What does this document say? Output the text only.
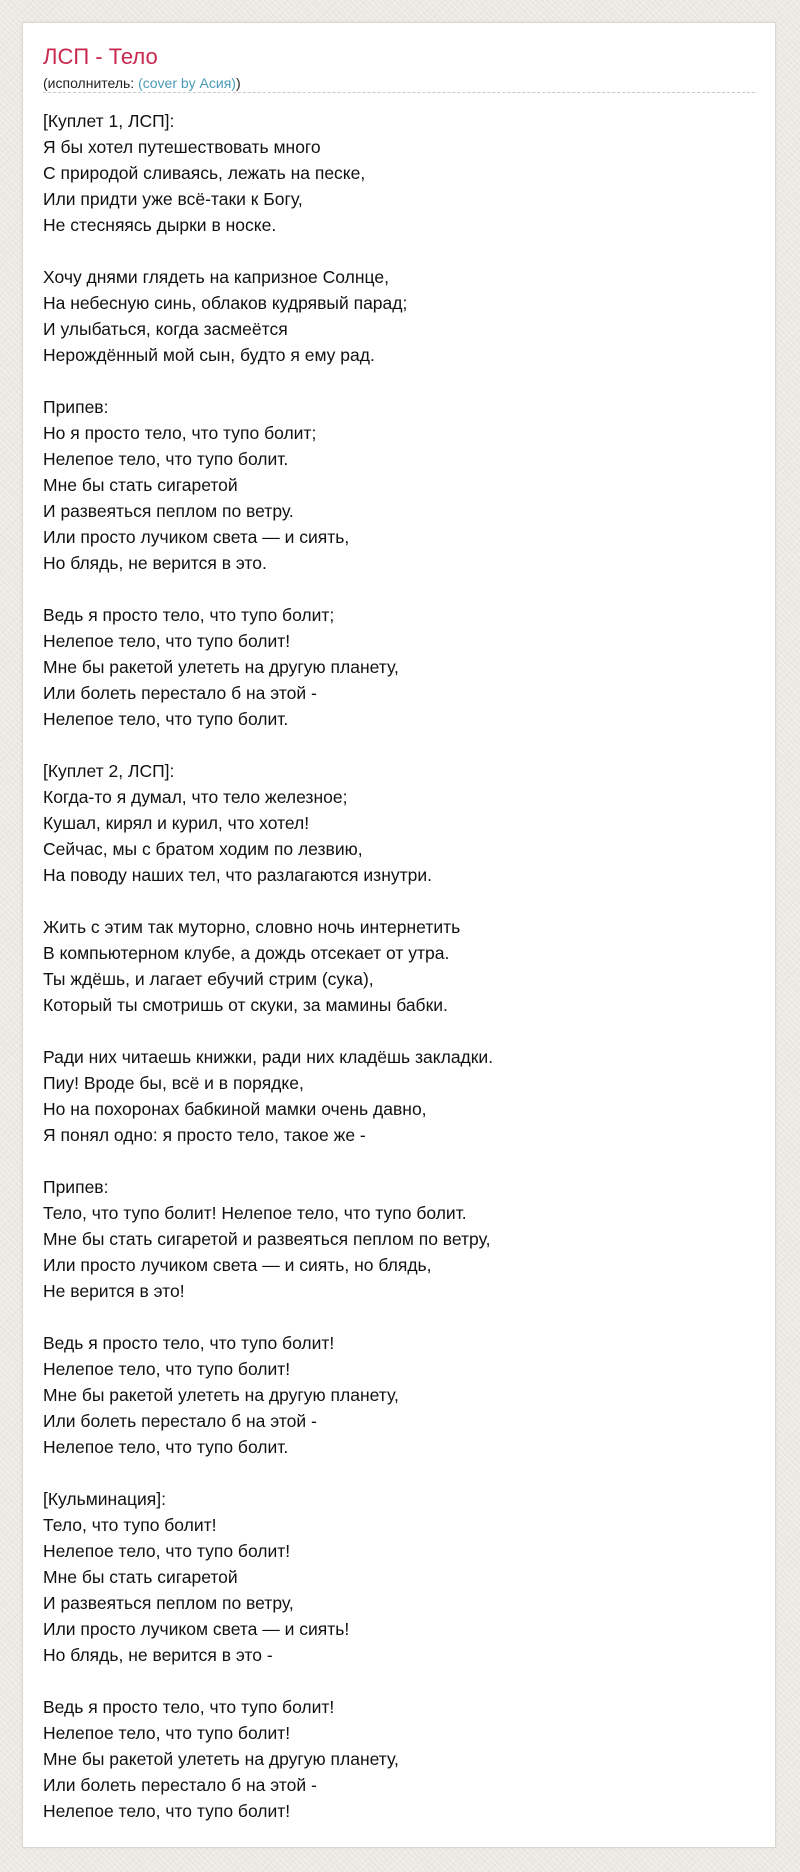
ЛСП - Тело
(исполнитель: (cover by Асия))
[Куплет 1, ЛСП]:
Я бы хотел путешествовать много
С природой сливаясь, лежать на песке,
Или придти уже всё-таки к Богу,
Не стесняясь дырки в носке.
Хочу днями глядеть на капризное Солнце,
На небесную синь, облаков кудрявый парад;
И улыбаться, когда засмеётся
Нерождённый мой сын, будто я ему рад.
Припев:
Но я просто тело, что тупо болит;
Нелепое тело, что тупо болит.
Мне бы стать сигаретой
И развеяться пеплом по ветру.
Или просто лучиком света — и сиять,
Но блядь, не верится в это.
Ведь я просто тело, что тупо болит;
Нелепое тело, что тупо болит!
Мне бы ракетой улететь на другую планету,
Или болеть перестало б на этой -
Нелепое тело, что тупо болит.
[Куплет 2, ЛСП]:
Когда-то я думал, что тело железное;
Кушал, кирял и курил, что хотел!
Сейчас, мы с братом ходим по лезвию,
На поводу наших тел, что разлагаются изнутри.
Жить с этим так муторно, словно ночь интернетить
В компьютерном клубе, а дождь отсекает от утра.
Ты ждёшь, и лагает ебучий стрим (сука),
Который ты смотришь от скуки, за мамины бабки.
Ради них читаешь книжки, ради них кладёшь закладки.
Пиу! Вроде бы, всё и в порядке,
Но на похоронах бабкиной мамки очень давно,
Я понял одно: я просто тело, такое же -
Припев:
Тело, что тупо болит! Нелепое тело, что тупо болит.
Мне бы стать сигаретой и развеяться пеплом по ветру,
Или просто лучиком света — и сиять, но блядь,
Не верится в это!
Ведь я просто тело, что тупо болит!
Нелепое тело, что тупо болит!
Мне бы ракетой улететь на другую планету,
Или болеть перестало б на этой -
Нелепое тело, что тупо болит.
[Кульминация]:
Тело, что тупо болит!
Нелепое тело, что тупо болит!
Мне бы стать сигаретой
И развеяться пеплом по ветру,
Или просто лучиком света — и сиять!
Но блядь, не верится в это -
Ведь я просто тело, что тупо болит!
Нелепое тело, что тупо болит!
Мне бы ракетой улететь на другую планету,
Или болеть перестало б на этой -
Нелепое тело, что тупо болит!
